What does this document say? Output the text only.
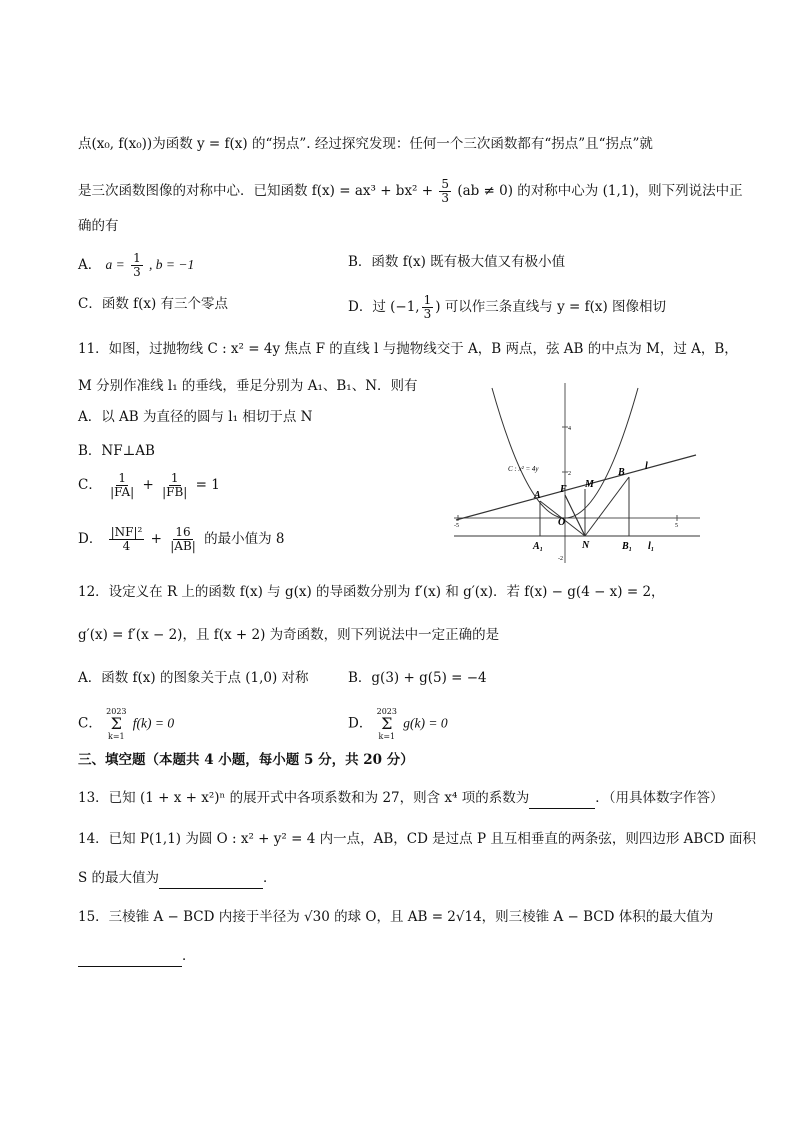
点(x₀, f(x₀))为函数 y = f(x) 的“拐点”. 经过探究发现：任何一个三次函数都有“拐点”且“拐点”就
是三次函数图像的对称中心．已知函数 $f(x) = ax^3 + bx^2 + \frac{5}{3} (ab \ne 0)$ 的对称中心为 (1,1)，则下列说法中正
确的有
A． $a = \frac{1}{3}$ , b = −1	B．函数 f(x) 既有极大值又有极小值
C．函数 f(x) 有三个零点	D．过 (−1, $\frac{1}{3}$ ) 可以作三条直线与 y = f(x) 图像相切
11．如图，过抛物线 C : x² = 4y 焦点 F 的直线 l 与抛物线交于 A，B 两点，弦 AB 的中点为 M，过 A，B，
M 分别作准线 l₁ 的垂线，垂足分别为 A₁、B₁、N．则有
A．以 AB 为直径的圆与 l₁ 相切于点 N
B．NF⊥AB
C． $\frac{1}{|FA|} + \frac{1}{|FB|} = 1$
D． $\frac{\text{|NF|²}}{4} + \frac{16}{|AB|}$ 的最小值为 8
4
2
-2
5
-5
C : x² = 4y
A
B
F M
O
N
l
A₁	B₁ l₁
12．设定义在 R 上的函数 f(x) 与 g(x) 的导函数分别为 f′(x) 和 g′(x)．若 f(x) − g(4 − x) = 2，
g′(x) = f′(x − 2)，且 f(x + 2) 为奇函数，则下列说法中一定正确的是
A．函数 f(x) 的图象关于点 (1,0) 对称	B．g(3) + g(5) = −4
C．
2023
Σ
k=1
f(k) = 0	D．
2023
Σ
k=1
g(k) = 0
三、填空题（本题共 4 小题，每小题 5 分，共 20 分）
13．已知 (1 + x + x²)ⁿ 的展开式中各项系数和为 27，则含 x⁴ 项的系数为	．（用具体数字作答）
14．已知 P(1,1) 为圆 O : x² + y² = 4 内一点，AB，CD 是过点 P 且互相垂直的两条弦，则四边形 ABCD 面积
S 的最大值为	．
15．三棱锥 A − BCD 内接于半径为 √30 的球 O，且 AB = 2√14，则三棱锥 A − BCD 体积的最大值为
．
